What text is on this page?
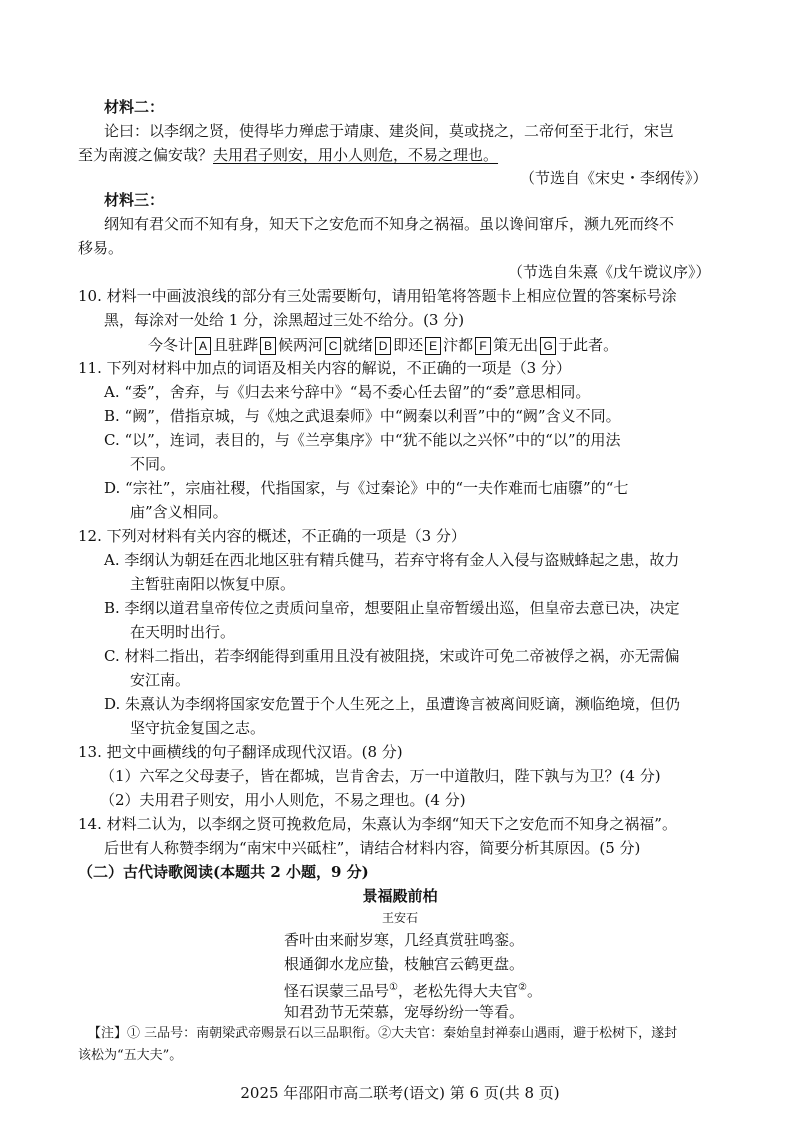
材料二：
论曰：以李纲之贤，使得毕力殚虑于靖康、建炎间，莫或挠之，二帝何至于北行，宋岂
至为南渡之偏安哉？夫用君子则安，用小人则危，不易之理也。
（节选自《宋史・李纲传》）
材料三：
纲知有君父而不知有身，知天下之安危而不知身之祸福。虽以谗间窜斥，濒九死而终不
移易。
（节选自朱熹《戊午谠议序》）
10. 材料一中画波浪线的部分有三处需要断句，请用铅笔将答题卡上相应位置的答案标号涂
黑，每涂对一处给 1 分，涂黑超过三处不给分。(3 分)
今冬计 A 且驻跸 B 候两河 C 就绪 D 即还 E 汴都 F 策无出 G 于此者。
11. 下列对材料中加点的词语及相关内容的解说，不正确的一项是（3 分）
A. “委”，舍弃，与《归去来兮辞中》“曷不委心任去留”的“委”意思相同。
B. “阙”，借指京城，与《烛之武退秦师》中“阙秦以利晋”中的“阙”含义不同。
C. “以”，连词，表目的，与《兰亭集序》中“犹不能以之兴怀”中的“以”的用法
不同。
D. “宗社”，宗庙社稷，代指国家，与《过秦论》中的“一夫作难而七庙隳”的“七
庙”含义相同。
12. 下列对材料有关内容的概述，不正确的一项是（3 分）
A. 李纲认为朝廷在西北地区驻有精兵健马，若弃守将有金人入侵与盗贼蜂起之患，故力
主暂驻南阳以恢复中原。
B. 李纲以道君皇帝传位之责质问皇帝，想要阻止皇帝暂缓出巡，但皇帝去意已决，决定
在天明时出行。
C. 材料二指出，若李纲能得到重用且没有被阻挠，宋或许可免二帝被俘之祸，亦无需偏
安江南。
D. 朱熹认为李纲将国家安危置于个人生死之上，虽遭谗言被离间贬谪，濒临绝境，但仍
坚守抗金复国之志。
13. 把文中画横线的句子翻译成现代汉语。(8 分)
（1）六军之父母妻子，皆在都城，岂肯舍去，万一中道散归，陛下孰与为卫？(4 分)
（2）夫用君子则安，用小人则危，不易之理也。(4 分)
14. 材料二认为，以李纲之贤可挽救危局，朱熹认为李纲“知天下之安危而不知身之祸福”。
后世有人称赞李纲为“南宋中兴砥柱”，请结合材料内容，简要分析其原因。(5 分)
（二）古代诗歌阅读(本题共 2 小题，9 分)
景福殿前柏
王安石
香叶由来耐岁寒，几经真赏驻鸣銮。
根通御水龙应蛰，枝触宫云鹤更盘。
怪石误蒙三品号①，老松先得大夫官②。
知君劲节无荣慕，宠辱纷纷一等看。
【注】① 三品号：南朝梁武帝赐景石以三品职衔。②大夫官：秦始皇封禅泰山遇雨，避于松树下，遂封
该松为“五大夫”。
2025 年邵阳市高二联考(语文) 第 6 页(共 8 页)
